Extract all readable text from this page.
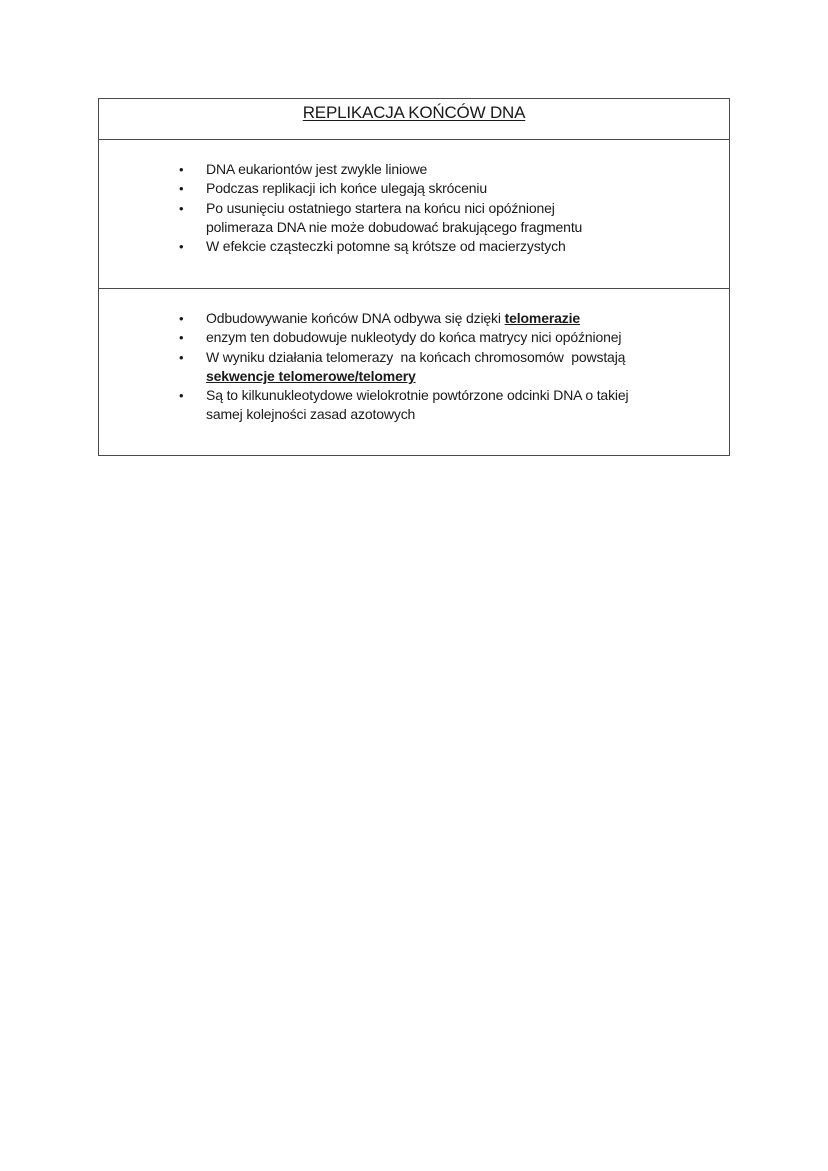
REPLIKACJA KOŃCÓW DNA
• DNA eukariontów jest zwykle liniowe
• Podczas replikacji ich końce ulegają skróceniu
• Po usunięciu ostatniego startera na końcu nici opóźnionej
polimeraza DNA nie może dobudować brakującego fragmentu
• W efekcie cząsteczki potomne są krótsze od macierzystych
• Odbudowywanie końców DNA odbywa się dzięki telomerazie
• enzym ten dobudowuje nukleotydy do końca matrycy nici opóźnionej
• W wyniku działania telomerazy  na końcach chromosomów  powstają
sekwencje telomerowe/telomery
• Są to kilkunukleotydowe wielokrotnie powtórzone odcinki DNA o takiej
samej kolejności zasad azotowych
